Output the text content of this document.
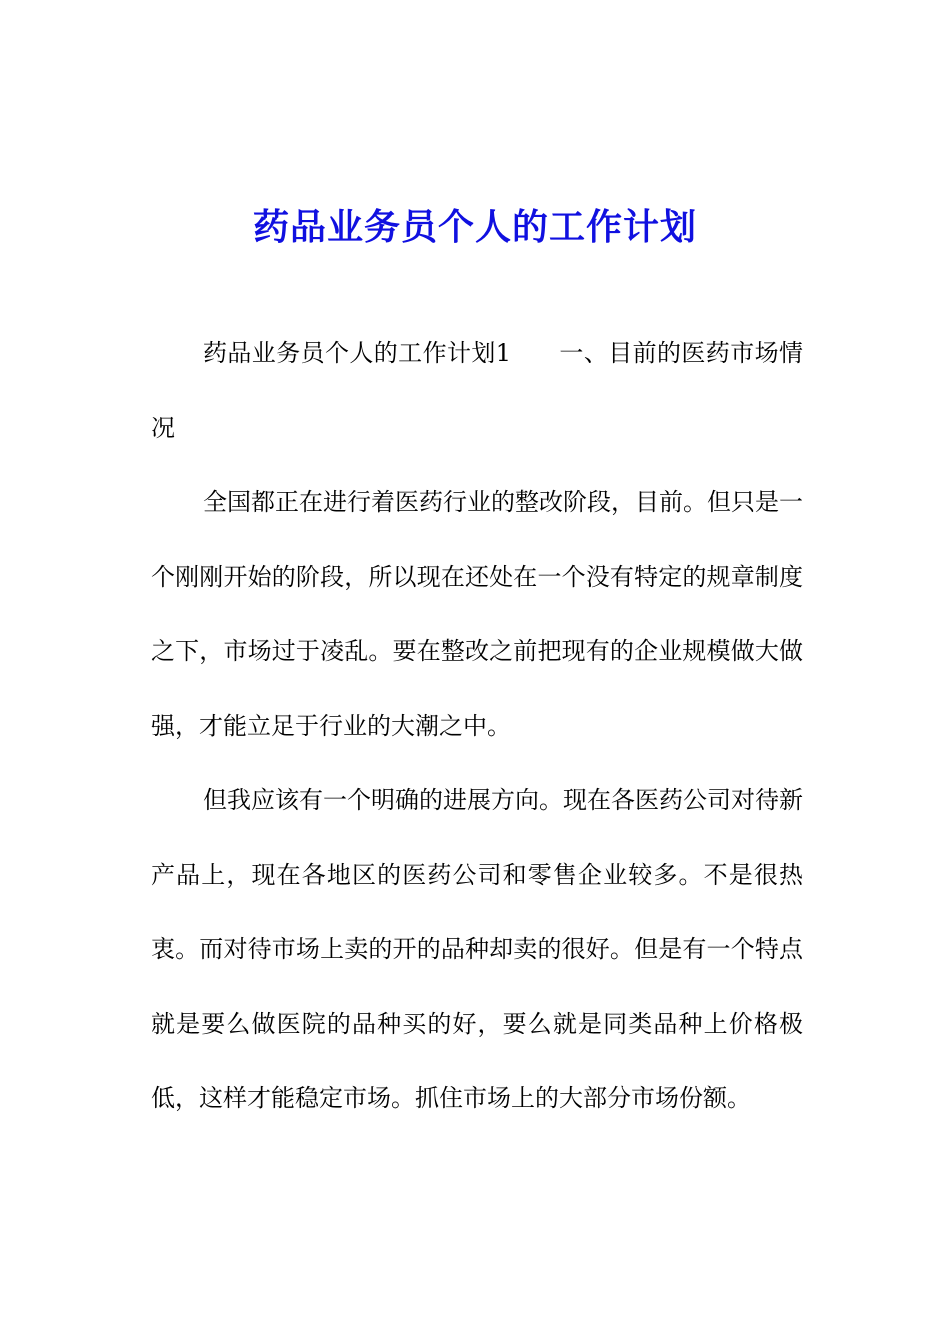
药品业务员个人的工作计划

药品业务员个人的工作计划1 一、目前的医药市场情况

全国都正在进行着医药行业的整改阶段，目前。但只是一个刚刚开始的阶段，所以现在还处在一个没有特定的规章制度之下，市场过于凌乱。要在整改之前把现有的企业规模做大做强，才能立足于行业的大潮之中。

但我应该有一个明确的进展方向。现在各医药公司对待新产品上，现在各地区的医药公司和零售企业较多。不是很热衷。而对待市场上卖的开的品种却卖的很好。但是有一个特点就是要么做医院的品种买的好，要么就是同类品种上价格极低，这样才能稳定市场。抓住市场上的大部分市场份额。
